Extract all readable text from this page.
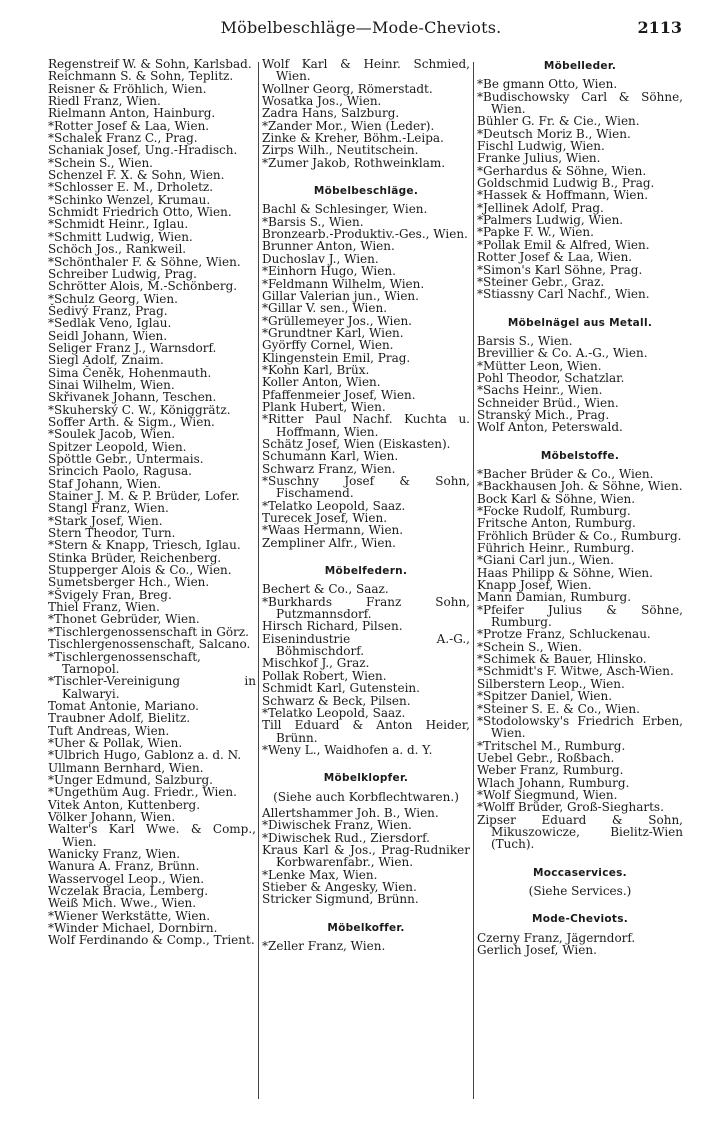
Möbelbeschläge—Mode-Cheviots.	2113
Regenstreif W. & Sohn, Karlsbad.
Reichmann S. & Sohn, Teplitz.
Reisner & Fröhlich, Wien.
Riedl Franz, Wien.
Rielmann Anton, Hainburg.
*Rotter Josef & Laa, Wien.
*Schalek Franz C., Prag.
Schaniak Josef, Ung.-Hradisch.
*Schein S., Wien.
Schenzel F. X. & Sohn, Wien.
*Schlosser E. M., Drholetz.
*Schinko Wenzel, Krumau.
Schmidt Friedrich Otto, Wien.
*Schmidt Heinr., Iglau.
*Schmitt Ludwig, Wien.
Schöch Jos., Rankweil.
*Schönthaler F. & Söhne, Wien.
Schreiber Ludwig, Prag.
Schrötter Alois, M.-Schönberg.
*Schulz Georg, Wien.
Šedivý Franz, Prag.
*Sedlak Veno, Iglau.
Seidl Johann, Wien.
Seliger Franz J., Warnsdorf.
Siegl Adolf, Znaim.
Sima Čeněk, Hohenmauth.
Sinai Wilhelm, Wien.
Skřivanek Johann, Teschen.
*Skuherský C. W., Königgrätz.
Soffer Arth. & Sigm., Wien.
*Soulek Jacob, Wien.
Spitzer Leopold, Wien.
Spöttle Gebr., Untermais.
Srincich Paolo, Ragusa.
Staf Johann, Wien.
Stainer J. M. & P. Brüder, Lofer.
Stangl Franz, Wien.
*Stark Josef, Wien.
Stern Theodor, Turn.
*Stern & Knapp, Triesch, Iglau.
Stinka Brüder, Reichenberg.
Stupperger Alois & Co., Wien.
Sumetsberger Hch., Wien.
*Švigely Fran, Breg.
Thiel Franz, Wien.
*Thonet Gebrüder, Wien.
*Tischlergenossenschaft in Görz.
Tischlergenossenschaft, Salcano.
*Tischlergenossenschaft, Tarnopol.
*Tischler-Vereinigung in Kalwaryi.
Tomat Antonie, Mariano.
Traubner Adolf, Bielitz.
Tuft Andreas, Wien.
*Uher & Pollak, Wien.
*Ulbrich Hugo, Gablonz a. d. N.
Ullmann Bernhard, Wien.
*Unger Edmund, Salzburg.
*Ungethüm Aug. Friedr., Wien.
Vitek Anton, Kuttenberg.
Völker Johann, Wien.
Walter's Karl Wwe. & Comp., Wien.
Wanicky Franz, Wien.
Wanura A. Franz, Brünn.
Wasservogel Leop., Wien.
Wczelak Bracia, Lemberg.
Weiß Mich. Wwe., Wien.
*Wiener Werkstätte, Wien.
*Winder Michael, Dornbirn.
Wolf Ferdinando & Comp., Trient.
Wolf Karl & Heinr. Schmied, Wien.
Wollner Georg, Römerstadt.
Wosatka Jos., Wien.
Zadra Hans, Salzburg.
*Zander Mor., Wien (Leder).
Zinke & Kreher, Böhm.-Leipa.
Zirps Wilh., Neutitschein.
*Zumer Jakob, Rothweinklam.
Möbelbeschläge.
Bachl & Schlesinger, Wien.
*Barsis S., Wien.
Bronzearb.-Produktiv.-Ges., Wien.
Brunner Anton, Wien.
Duchoslav J., Wien.
*Einhorn Hugo, Wien.
*Feldmann Wilhelm, Wien.
Gillar Valerian jun., Wien.
*Gillar V. sen., Wien.
*Grüllemeyer Jos., Wien.
*Grundtner Karl, Wien.
Györffy Cornel, Wien.
Klingenstein Emil, Prag.
*Kohn Karl, Brüx.
Koller Anton, Wien.
Pfaffenmeier Josef, Wien.
Plank Hubert, Wien.
*Ritter Paul Nachf. Kuchta u. Hoffmann, Wien.
Schätz Josef, Wien (Eiskasten).
Schumann Karl, Wien.
Schwarz Franz, Wien.
*Suschny Josef & Sohn, Fischamend.
*Telatko Leopold, Saaz.
Turecek Josef, Wien.
*Waas Hermann, Wien.
Zempliner Alfr., Wien.
Möbelfedern.
Bechert & Co., Saaz.
*Burkhards Franz Sohn, Putzmannsdorf.
Hirsch Richard, Pilsen.
Eisenindustrie A.-G., Böhmischdorf.
Mischkof J., Graz.
Pollak Robert, Wien.
Schmidt Karl, Gutenstein.
Schwarz & Beck, Pilsen.
*Telatko Leopold, Saaz.
Till Eduard & Anton Heider, Brünn.
*Weny L., Waidhofen a. d. Y.
Möbelklopfer.
(Siehe auch Korbflechtwaren.)
Allertshammer Joh. B., Wien.
*Diwischek Franz, Wien.
*Diwischek Rud., Ziersdorf.
Kraus Karl & Jos., Prag-Rudniker Korbwarenfabr., Wien.
*Lenke Max, Wien.
Stieber & Angesky, Wien.
Stricker Sigmund, Brünn.
Möbelkoffer.
*Zeller Franz, Wien.
Möbelleder.
*Be gmann Otto, Wien.
*Budischowsky Carl & Söhne, Wien.
Bühler G. Fr. & Cie., Wien.
*Deutsch Moriz B., Wien.
Fischl Ludwig, Wien.
Franke Julius, Wien.
*Gerhardus & Söhne, Wien.
Goldschmid Ludwig B., Prag.
*Hassek & Hoffmann, Wien.
*Jellinek Adolf, Prag.
*Palmers Ludwig, Wien.
*Papke F. W., Wien.
*Pollak Emil & Alfred, Wien.
Rotter Josef & Laa, Wien.
*Simon's Karl Söhne, Prag.
*Steiner Gebr., Graz.
*Stiassny Carl Nachf., Wien.
Möbelnägel aus Metall.
Barsis S., Wien.
Brevillier & Co. A.-G., Wien.
*Mütter Leon, Wien.
Pohl Theodor, Schatzlar.
*Sachs Heinr., Wien.
Schneider Brüd., Wien.
Stranský Mich., Prag.
Wolf Anton, Peterswald.
Möbelstoffe.
*Bacher Brüder & Co., Wien.
*Backhausen Joh. & Söhne, Wien.
Bock Karl & Söhne, Wien.
*Focke Rudolf, Rumburg.
Fritsche Anton, Rumburg.
Fröhlich Brüder & Co., Rumburg.
Führich Heinr., Rumburg.
*Giani Carl jun., Wien.
Haas Philipp & Söhne, Wien.
Knapp Josef, Wien.
Mann Damian, Rumburg.
*Pfeifer Julius & Söhne, Rumburg.
*Protze Franz, Schluckenau.
*Schein S., Wien.
*Schimek & Bauer, Hlinsko.
*Schmidt's F. Witwe, Asch-Wien.
Silberstern Leop., Wien.
*Spitzer Daniel, Wien.
*Steiner S. E. & Co., Wien.
*Stodolowsky's Friedrich Erben, Wien.
*Tritschel M., Rumburg.
Uebel Gebr., Roßbach.
Weber Franz, Rumburg.
Wlach Johann, Rumburg.
*Wolf Siegmund, Wien.
*Wolff Brüder, Groß-Siegharts.
Zipser Eduard & Sohn, Mikuszowicze, Bielitz-Wien (Tuch).
Moccaservices.
(Siehe Services.)
Mode-Cheviots.
Czerny Franz, Jägerndorf.
Gerlich Josef, Wien.
